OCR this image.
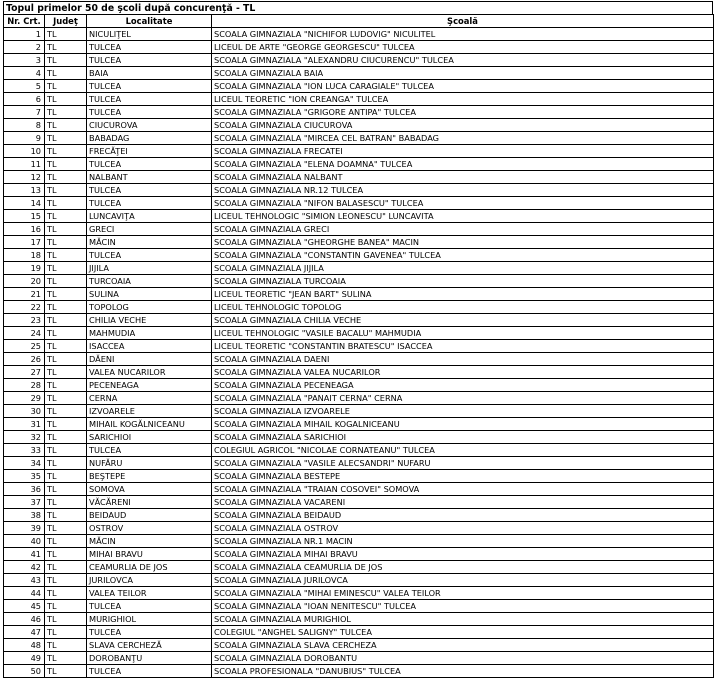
Topul primelor 50 de şcoli după concurenţă - TL
Nr. Crt.	Judeţ	Localitate	Şcoală
1	TL	NICULIŢEL	SCOALA GIMNAZIALA "NICHIFOR LUDOVIG" NICULITEL
2	TL	TULCEA	LICEUL DE ARTE "GEORGE GEORGESCU" TULCEA
3	TL	TULCEA	SCOALA GIMNAZIALA "ALEXANDRU CIUCURENCU" TULCEA
4	TL	BAIA	SCOALA GIMNAZIALA BAIA
5	TL	TULCEA	SCOALA GIMNAZIALA "ION LUCA CARAGIALE" TULCEA
6	TL	TULCEA	LICEUL TEORETIC "ION CREANGA" TULCEA
7	TL	TULCEA	SCOALA GIMNAZIALA "GRIGORE ANTIPA" TULCEA
8	TL	CIUCUROVA	SCOALA GIMNAZIALA CIUCUROVA
9	TL	BABADAG	SCOALA GIMNAZIALA "MIRCEA CEL BATRAN" BABADAG
10	TL	FRECĂŢEI	SCOALA GIMNAZIALA FRECATEI
11	TL	TULCEA	SCOALA GIMNAZIALA "ELENA DOAMNA" TULCEA
12	TL	NALBANT	SCOALA GIMNAZIALA NALBANT
13	TL	TULCEA	SCOALA GIMNAZIALA NR.12 TULCEA
14	TL	TULCEA	SCOALA GIMNAZIALA "NIFON BALASESCU" TULCEA
15	TL	LUNCAVIŢA	LICEUL TEHNOLOGIC "SIMION LEONESCU" LUNCAVITA
16	TL	GRECI	SCOALA GIMNAZIALA GRECI
17	TL	MĂCIN	SCOALA GIMNAZIALA "GHEORGHE BANEA" MACIN
18	TL	TULCEA	SCOALA GIMNAZIALA "CONSTANTIN GAVENEA" TULCEA
19	TL	JIJILA	SCOALA GIMNAZIALA JIJILA
20	TL	TURCOAIA	SCOALA GIMNAZIALA TURCOAIA
21	TL	SULINA	LICEUL TEORETIC "JEAN BART" SULINA
22	TL	TOPOLOG	LICEUL TEHNOLOGIC TOPOLOG
23	TL	CHILIA VECHE	SCOALA GIMNAZIALA CHILIA VECHE
24	TL	MAHMUDIA	LICEUL TEHNOLOGIC "VASILE BACALU" MAHMUDIA
25	TL	ISACCEA	LICEUL TEORETIC "CONSTANTIN BRATESCU" ISACCEA
26	TL	DĂENI	SCOALA GIMNAZIALA DAENI
27	TL	VALEA NUCARILOR	SCOALA GIMNAZIALA VALEA NUCARILOR
28	TL	PECENEAGA	SCOALA GIMNAZIALA PECENEAGA
29	TL	CERNA	SCOALA GIMNAZIALA "PANAIT CERNA" CERNA
30	TL	IZVOARELE	SCOALA GIMNAZIALA IZVOARELE
31	TL	MIHAIL KOGĂLNICEANU	SCOALA GIMNAZIALA MIHAIL KOGALNICEANU
32	TL	SARICHIOI	SCOALA GIMNAZIALA SARICHIOI
33	TL	TULCEA	COLEGIUL AGRICOL "NICOLAE CORNATEANU" TULCEA
34	TL	NUFĂRU	SCOALA GIMNAZIALA "VASILE ALECSANDRI" NUFARU
35	TL	BEŞTEPE	SCOALA GIMNAZIALA BESTEPE
36	TL	SOMOVA	SCOALA GIMNAZIALA "TRAIAN COSOVEI" SOMOVA
37	TL	VĂCĂRENI	SCOALA GIMNAZIALA VACARENI
38	TL	BEIDAUD	SCOALA GIMNAZIALA BEIDAUD
39	TL	OSTROV	SCOALA GIMNAZIALA OSTROV
40	TL	MĂCIN	SCOALA GIMNAZIALA NR.1 MACIN
41	TL	MIHAI BRAVU	SCOALA GIMNAZIALA MIHAI BRAVU
42	TL	CEAMURLIA DE JOS	SCOALA GIMNAZIALA CEAMURLIA DE JOS
43	TL	JURILOVCA	SCOALA GIMNAZIALA JURILOVCA
44	TL	VALEA TEILOR	SCOALA GIMNAZIALA "MIHAI EMINESCU" VALEA TEILOR
45	TL	TULCEA	SCOALA GIMNAZIALA "IOAN NENITESCU" TULCEA
46	TL	MURIGHIOL	SCOALA GIMNAZIALA MURIGHIOL
47	TL	TULCEA	COLEGIUL "ANGHEL SALIGNY" TULCEA
48	TL	SLAVA CERCHEZĂ	SCOALA GIMNAZIALA SLAVA CERCHEZA
49	TL	DOROBANŢU	SCOALA GIMNAZIALA DOROBANTU
50	TL	TULCEA	SCOALA PROFESIONALA "DANUBIUS" TULCEA
